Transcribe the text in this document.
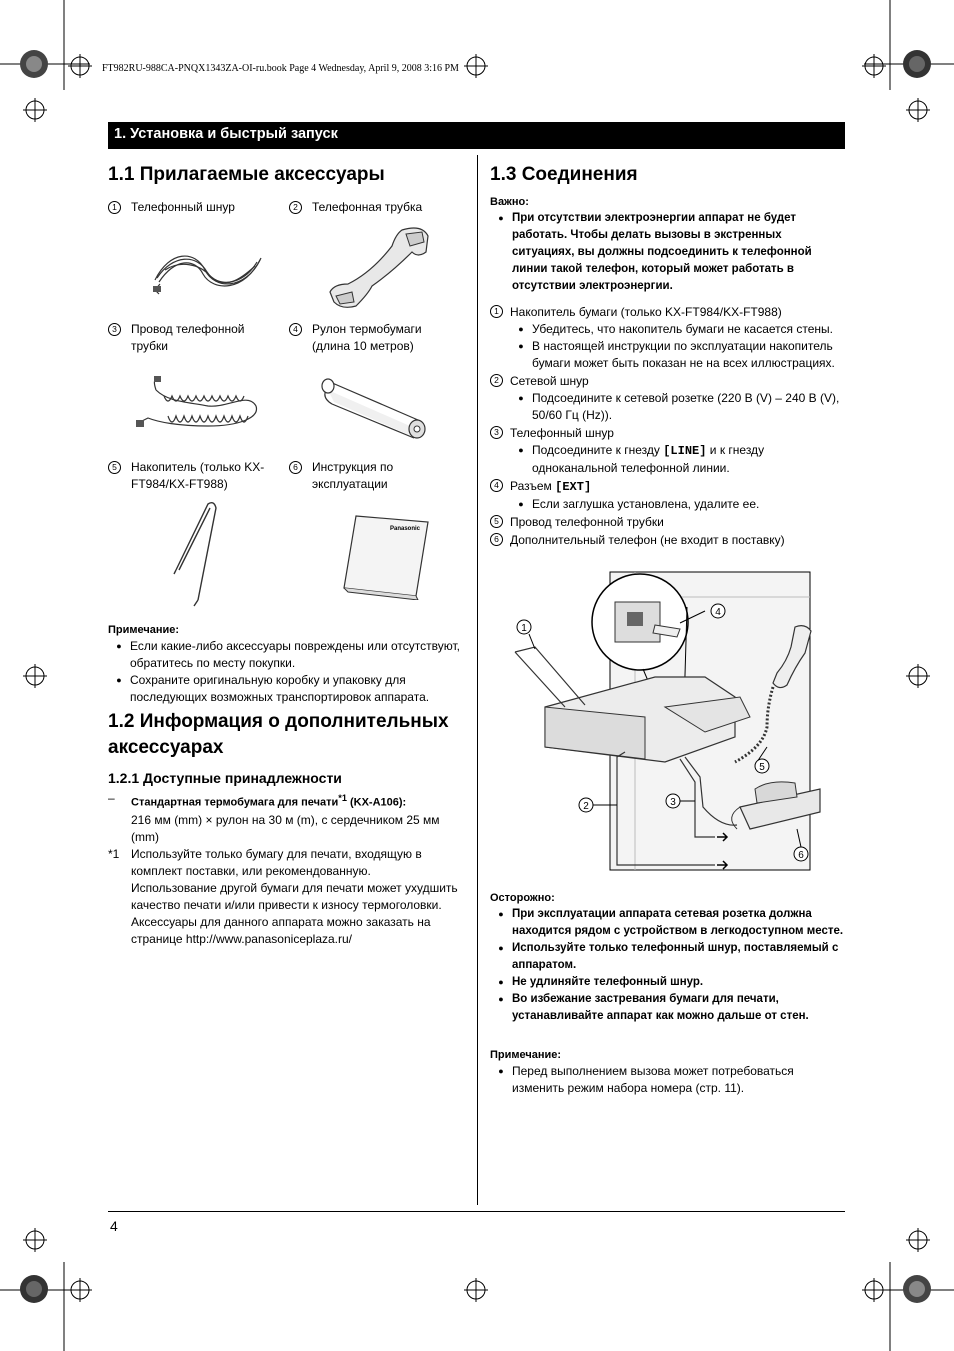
FT982RU-988CA-PNQX1343ZA-OI-ru.book Page 4 Wednesday, April 9, 2008 3:16 PM
1. Установка и быстрый запуск
1.1 Прилагаемые аксессуары
1	Телефонный шнур	2	Телефонная трубка
3	Провод телефонной трубки
4	Рулон термобумаги (длина 10 метров)
5	Накопитель (только KX-FT984/KX-FT988)
6	Инструкция по эксплуатации
Panasonic
Примечание:
● Если какие-либо аксессуары повреждены или отсутствуют, обратитесь по месту покупки.
● Сохраните оригинальную коробку и упаковку для последующих возможных транспортировок аппарата.
1.2 Информация о дополнительных аксессуарах
1.2.1 Доступные принадлежности
–	Стандартная термобумага для печати$^{*1}$ (KX-A106):
216 мм (mm) × рулон на 30 м (m), с сердечником 25 мм (mm)
*1 Используйте только бумагу для печати, входящую в комплект поставки, или рекомендованную.
Использование другой бумаги для печати может ухудшить качество печати и/или привести к износу термоголовки.
Аксессуары для данного аппарата можно заказать на странице http://www.panasoniceplaza.ru/
1.3 Соединения
Важно:
● При отсутствии электроэнергии аппарат не будет работать. Чтобы делать вызовы в экстренных ситуациях, вы должны подсоединить к телефонной линии такой телефон, который может работать в отсутствии электроэнергии.
1 Накопитель бумаги (только KX-FT984/KX-FT988)
● Убедитесь, что накопитель бумаги не касается стены.
● В настоящей инструкции по эксплуатации накопитель бумаги может быть показан не на всех иллюстрациях.
2 Сетевой шнур
● Подсоедините к сетевой розетке (220 В (V) – 240 В (V), 50/60 Гц (Hz)).
3 Телефонный шнур
● Подсоедините к гнезду [LINE] и к гнезду одноканальной телефонной линии.
4 Разъем [EXT]
● Если заглушка установлена, удалите ее.
5 Провод телефонной трубки
6 Дополнительный телефон (не входит в поставку)
1
2	3
4
5
6
Осторожно:
● При эксплуатации аппарата сетевая розетка должна находится рядом с устройством в легкодоступном месте.
● Используйте только телефонный шнур, поставляемый с аппаратом.
● Не удлиняйте телефонный шнур.
● Во избежание застревания бумаги для печати, устанавливайте аппарат как можно дальше от стен.
Примечание:
● Перед выполнением вызова может потребоваться изменить режим набора номера (стр. 11).
4
